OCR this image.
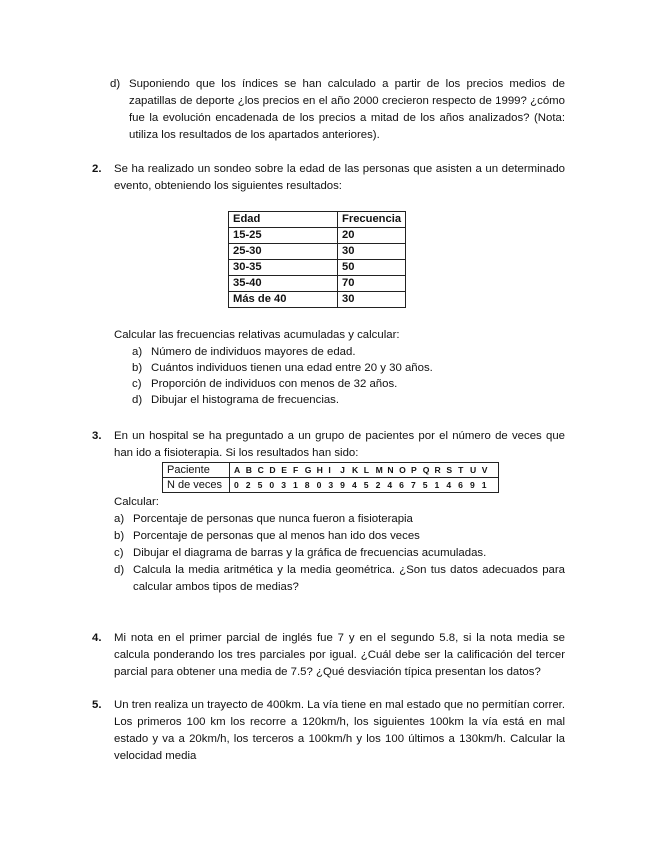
d) Suponiendo que los índices se han calculado a partir de los precios medios de zapatillas de deporte ¿los precios en el año 2000 crecieron respecto de 1999? ¿cómo fue la evolución encadenada de los precios a mitad de los años analizados? (Nota: utiliza los resultados de los apartados anteriores).
2. Se ha realizado un sondeo sobre la edad de las personas que asisten a un determinado evento, obteniendo los siguientes resultados:
Edad	Frecuencia
15-25	20
25-30	30
30-35	50
35-40	70
Más de 40	30
Calcular las frecuencias relativas acumuladas y calcular:
a) Número de individuos mayores de edad.
b) Cuántos individuos tienen una edad entre 20 y 30 años.
c) Proporción de individuos con menos de 32 años.
d) Dibujar el histograma de frecuencias.
3. En un hospital se ha preguntado a un grupo de pacientes por el número de veces que han ido a fisioterapia. Si los resultados han sido:
Paciente	A B C D E F G H I J K L M N O P Q R S T U V
N de veces	0 2 5 0 3 1 8 0 3 9 4 5 2 4 6 7 5 1 4 6 9 1
Calcular:
a) Porcentaje de personas que nunca fueron a fisioterapia
b) Porcentaje de personas que al menos han ido dos veces
c) Dibujar el diagrama de barras y la gráfica de frecuencias acumuladas.
d) Calcula la media aritmética y la media geométrica. ¿Son tus datos adecuados para calcular ambos tipos de medias?
4. Mi nota en el primer parcial de inglés fue 7 y en el segundo 5.8, si la nota media se calcula ponderando los tres parciales por igual. ¿Cuál debe ser la calificación del tercer parcial para obtener una media de 7.5? ¿Qué desviación típica presentan los datos?
5. Un tren realiza un trayecto de 400km. La vía tiene en mal estado que no permitían correr. Los primeros 100 km los recorre a 120km/h, los siguientes 100km la vía está en mal estado y va a 20km/h, los terceros a 100km/h y los 100 últimos a 130km/h. Calcular la velocidad media
